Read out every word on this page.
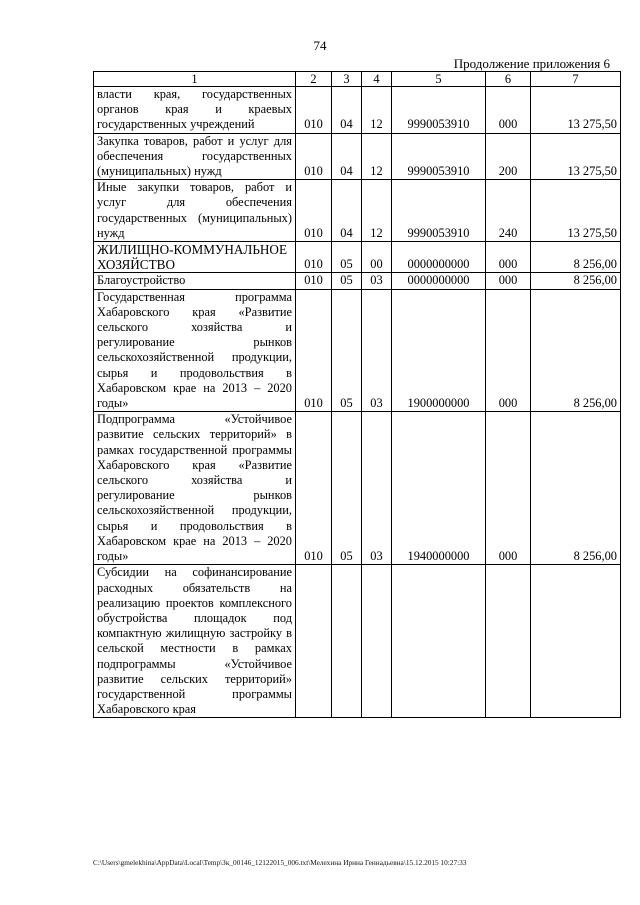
74
Продолжение приложения 6
1	2	3	4	5	6	7
власти края, государственных органов края и краевых государственных учреждений	010	04	12	9990053910	000	13 275,50
Закупка товаров, работ и услуг для обеспечения государственных (муниципальных) нужд	010	04	12	9990053910	200	13 275,50
Иные закупки товаров, работ и услуг для обеспечения государственных (муниципальных) нужд	010	04	12	9990053910	240	13 275,50
ЖИЛИЩНО-КОММУНАЛЬНОЕ ХОЗЯЙСТВО	010	05	00	0000000000	000	8 256,00
Благоустройство	010	05	03	0000000000	000	8 256,00
Государственная программа Хабаровского края «Развитие сельского хозяйства и регулирование рынков сельскохозяйственной продукции, сырья и продовольствия в Хабаровском крае на 2013 – 2020 годы»	010	05	03	1900000000	000	8 256,00
Подпрограмма «Устойчивое развитие сельских территорий» в рамках государственной программы Хабаровского края «Развитие сельского хозяйства и регулирование рынков сельскохозяйственной продукции, сырья и продовольствия в Хабаровском крае на 2013 – 2020 годы»	010	05	03	1940000000	000	8 256,00
Субсидии на софинансирование расходных обязательств на реализацию проектов комплексного обустройства площадок под компактную жилищную застройку в сельской местности в рамках подпрограммы «Устойчивое развитие сельских территорий» государственной программы Хабаровского края						
C:\Users\gmelekhina\AppData\Local\Temp\Зк_00146_12122015_006.txt\Мелехина Ирина Геннадьевна\15.12.2015 10:27:33
